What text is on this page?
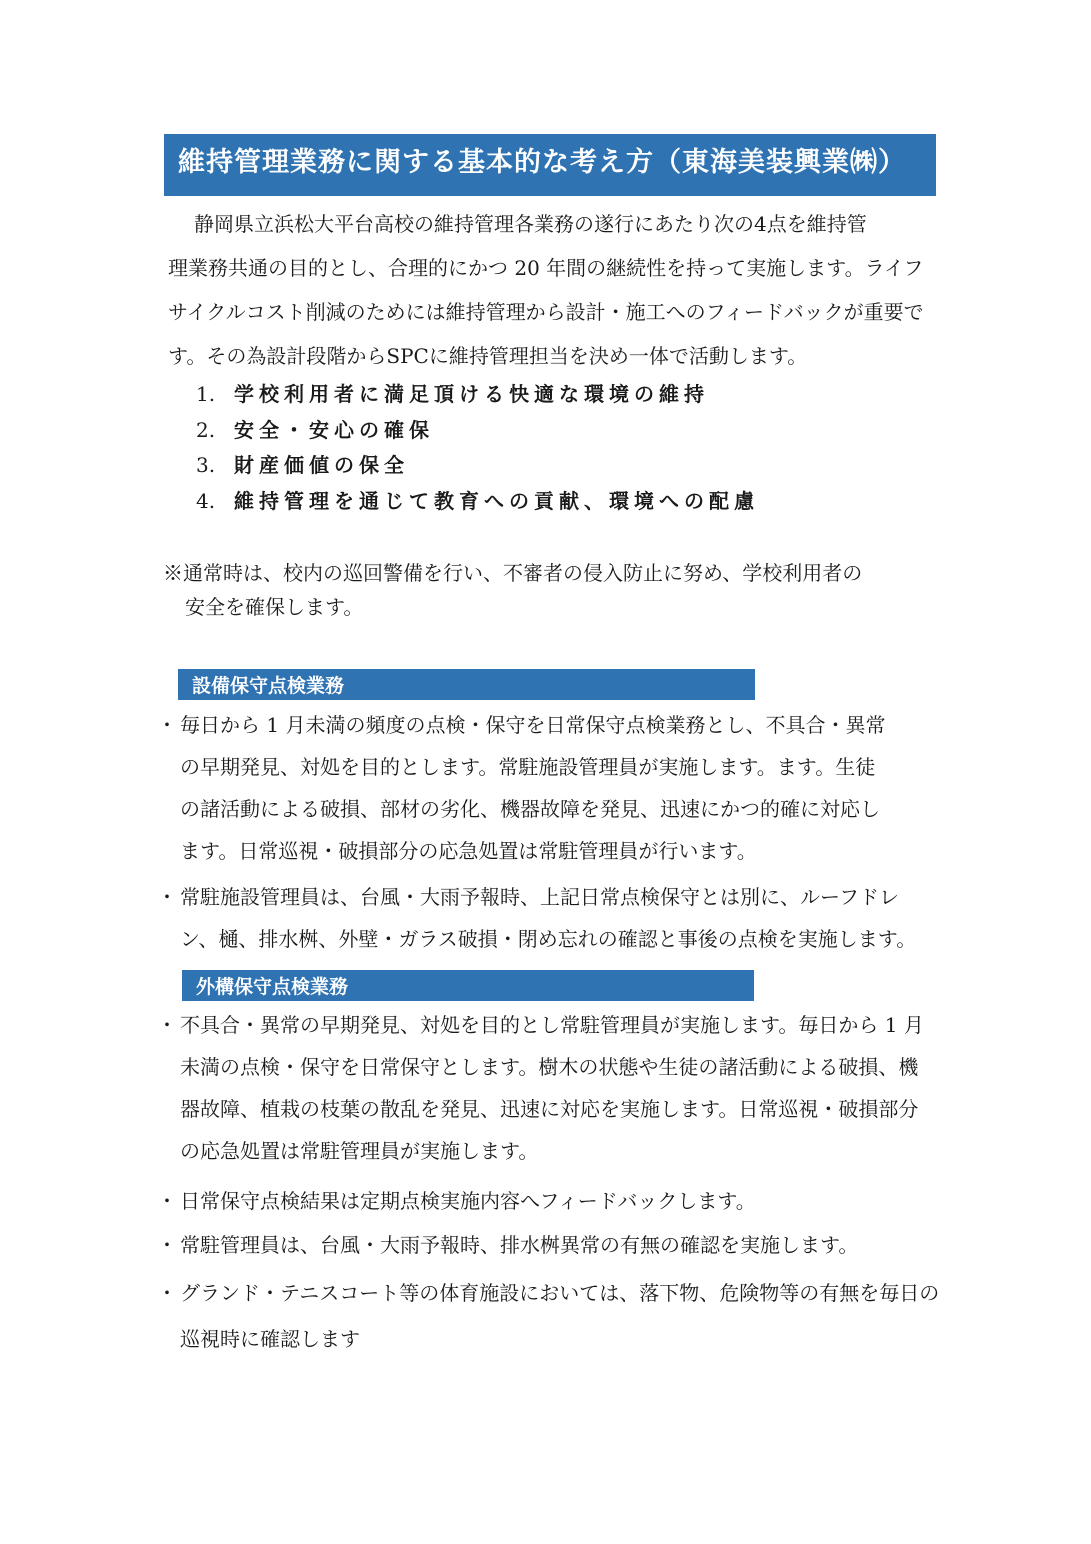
維持管理業務に関する基本的な考え方（東海美装興業㈱）

静岡県立浜松大平台高校の維持管理各業務の遂行にあたり次の4点を維持管

理業務共通の目的とし、合理的にかつ 20 年間の継続性を持って実施します。ライフ

サイクルコスト削減のためには維持管理から設計・施工へのフィードバックが重要で

す。その為設計段階からSPCに維持管理担当を決め一体で活動します。

1. 学校利用者に満足頂ける快適な環境の維持
2. 安全・安心の確保
3. 財産価値の保全
4. 維持管理を通じて教育への貢献、環境への配慮

※通常時は、校内の巡回警備を行い、不審者の侵入防止に努め、学校利用者の

安全を確保します。

設備保守点検業務
・ 毎日から 1 月未満の頻度の点検・保守を日常保守点検業務とし、不具合・異常

の早期発見、対処を目的とします。常駐施設管理員が実施します。ます。生徒

の諸活動による破損、部材の劣化、機器故障を発見、迅速にかつ的確に対応し

ます。日常巡視・破損部分の応急処置は常駐管理員が行います。

・ 常駐施設管理員は、台風・大雨予報時、上記日常点検保守とは別に、ルーフドレ

ン、樋、排水桝、外壁・ガラス破損・閉め忘れの確認と事後の点検を実施します。

外構保守点検業務
・ 不具合・異常の早期発見、対処を目的とし常駐管理員が実施します。毎日から 1 月

未満の点検・保守を日常保守とします。樹木の状態や生徒の諸活動による破損、機

器故障、植栽の枝葉の散乱を発見、迅速に対応を実施します。日常巡視・破損部分

の応急処置は常駐管理員が実施します。

・ 日常保守点検結果は定期点検実施内容へフィードバックします。

・ 常駐管理員は、台風・大雨予報時、排水桝異常の有無の確認を実施します。

・ グランド・テニスコート等の体育施設においては、落下物、危険物等の有無を毎日の

巡視時に確認します
